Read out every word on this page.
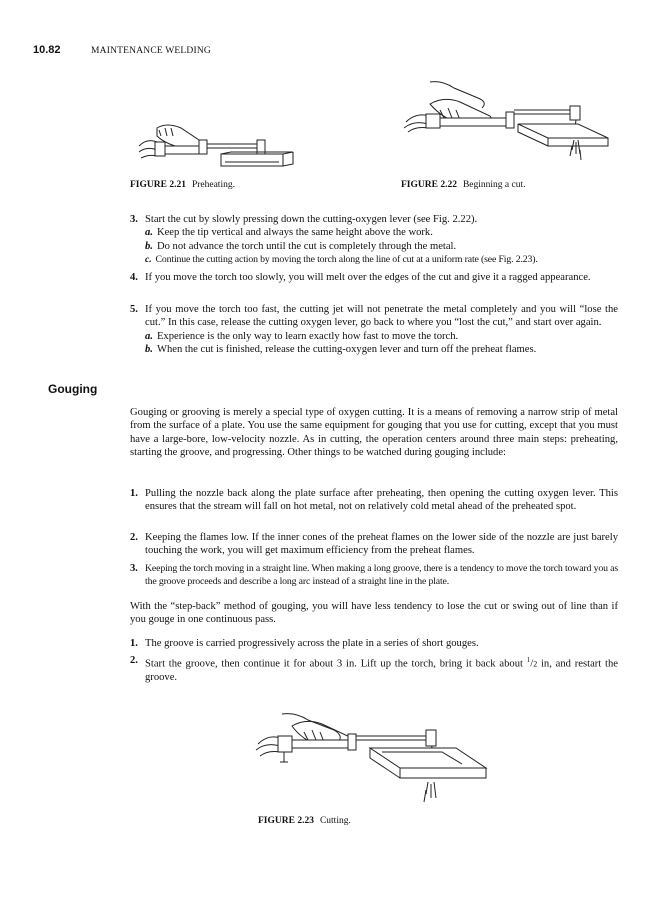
10.82	MAINTENANCE WELDING
FIGURE 2.21 Preheating.	FIGURE 2.22 Beginning a cut.
3. Start the cut by slowly pressing down the cutting-oxygen lever (see Fig. 2.22).
a. Keep the tip vertical and always the same height above the work.
b. Do not advance the torch until the cut is completely through the metal.
c. Continue the cutting action by moving the torch along the line of cut at a uniform rate (see Fig. 2.23).
4. If you move the torch too slowly, you will melt over the edges of the cut and give it a ragged appearance.
5. If you move the torch too fast, the cutting jet will not penetrate the metal completely and you will “lose the cut.” In this case, release the cutting oxygen lever, go back to where you “lost the cut,” and start over again.
a. Experience is the only way to learn exactly how fast to move the torch.
b. When the cut is finished, release the cutting-oxygen lever and turn off the preheat flames.
Gouging
Gouging or grooving is merely a special type of oxygen cutting. It is a means of removing a narrow strip of metal from the surface of a plate. You use the same equipment for gouging that you use for cutting, except that you must have a large-bore, low-velocity nozzle. As in cutting, the operation centers around three main steps: preheating, starting the groove, and progressing. Other things to be watched during gouging include:
1. Pulling the nozzle back along the plate surface after preheating, then opening the cutting oxygen lever. This ensures that the stream will fall on hot metal, not on relatively cold metal ahead of the preheated spot.
2. Keeping the flames low. If the inner cones of the preheat flames on the lower side of the nozzle are just barely touching the work, you will get maximum efficiency from the preheat flames.
3. Keeping the torch moving in a straight line. When making a long groove, there is a tendency to move the torch toward you as the groove proceeds and describe a long arc instead of a straight line in the plate.
With the “step-back” method of gouging, you will have less tendency to lose the cut or swing out of line than if you gouge in one continuous pass.
1. The groove is carried progressively across the plate in a series of short gouges.
2. Start the groove, then continue it for about 3 in. Lift up the torch, bring it back about $^1$/2 in, and restart the groove.
FIGURE 2.23 Cutting.
